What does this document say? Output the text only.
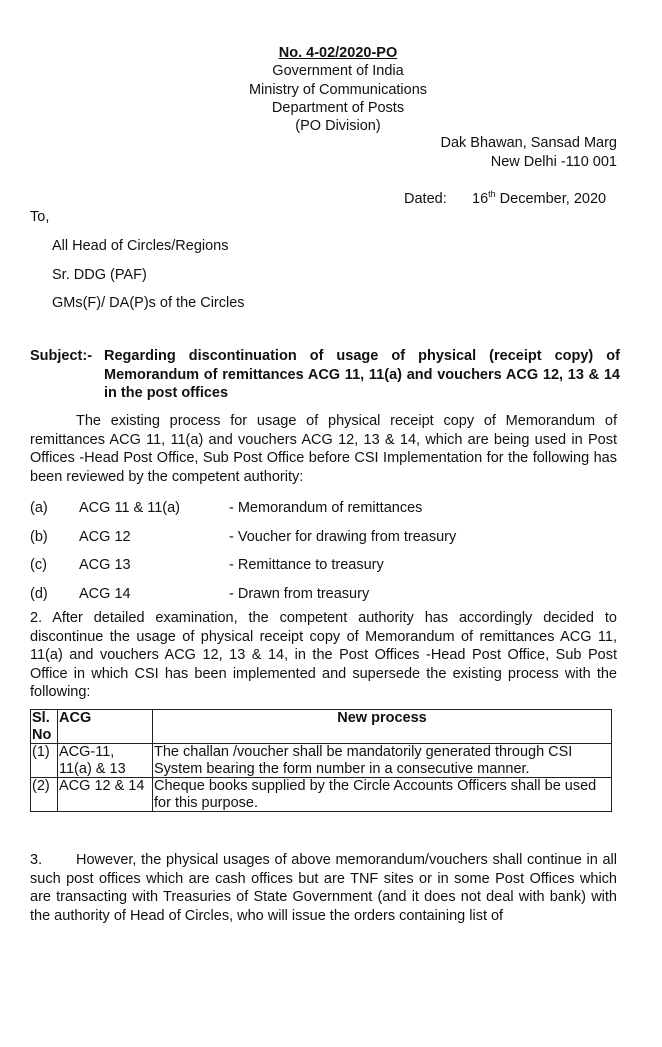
No. 4-02/2020-PO
Government of India
Ministry of Communications
Department of Posts
(PO Division)
Dak Bhawan, Sansad Marg
New Delhi -110 001
Dated: 16th December, 2020
To,
All Head of Circles/Regions
Sr. DDG (PAF)
GMs(F)/ DA(P)s of the Circles
Subject:- Regarding discontinuation of usage of physical (receipt copy) of Memorandum of remittances ACG 11, 11(a) and vouchers ACG 12, 13 & 14 in the post offices
The existing process for usage of physical receipt copy of Memorandum of remittances ACG 11, 11(a) and vouchers ACG 12, 13 & 14, which are being used in Post Offices -Head Post Office, Sub Post Office before CSI Implementation for the following has been reviewed by the competent authority:
(a)	ACG 11 & 11(a)	- Memorandum of remittances
(b)	ACG 12	- Voucher for drawing from treasury
(c)	ACG 13	- Remittance to treasury
(d)	ACG 14	- Drawn from treasury
2. After detailed examination, the competent authority has accordingly decided to discontinue the usage of physical receipt copy of Memorandum of remittances ACG 11, 11(a) and vouchers ACG 12, 13 & 14, in the Post Offices -Head Post Office, Sub Post Office in which CSI has been implemented and supersede the existing process with the following:
Sl. No	ACG	New process
(1)	ACG-11, 11(a) & 13	The challan /voucher shall be mandatorily generated through CSI System bearing the form number in a consecutive manner.
(2)	ACG 12 & 14	Cheque books supplied by the Circle Accounts Officers shall be used for this purpose.
3. However, the physical usages of above memorandum/vouchers shall continue in all such post offices which are cash offices but are TNF sites or in some Post Offices which are transacting with Treasuries of State Government (and it does not deal with bank) with the authority of Head of Circles, who will issue the orders containing list of
